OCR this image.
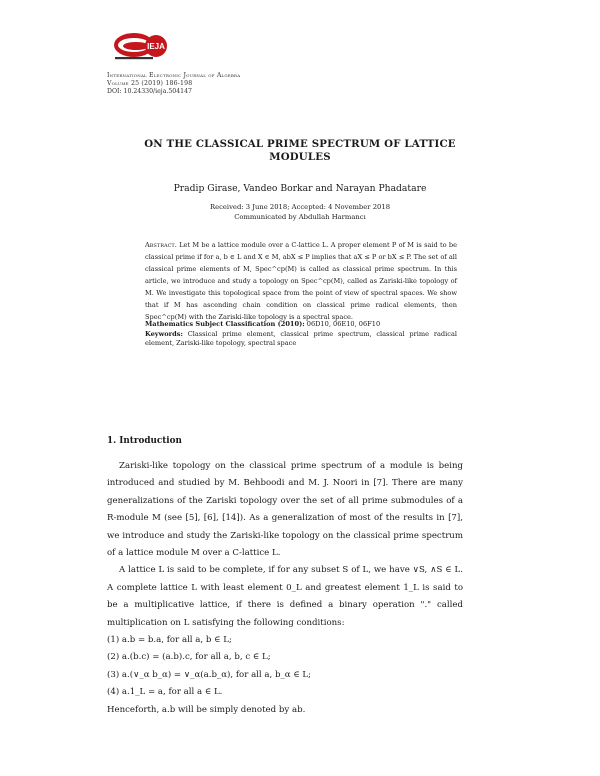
IEJA
International Electronic Journal of Algebra
Volume 25 (2019) 186-198
DOI: 10.24330/ieja.504147
ON THE CLASSICAL PRIME SPECTRUM OF LATTICE
MODULES
Pradip Girase, Vandeo Borkar and Narayan Phadatare
Received: 3 June 2018; Accepted: 4 November 2018
Communicated by Abdullah Harmancı
Abstract. Let M be a lattice module over a C-lattice L. A proper element P of M is said to be classical prime if for a, b ∈ L and X ∈ M, abX ≤ P implies that aX ≤ P or bX ≤ P. The set of all classical prime elements of M, Spec^cp(M) is called as classical prime spectrum. In this article, we introduce and study a topology on Spec^cp(M), called as Zariski-like topology of M. We investigate this topological space from the point of view of spectral spaces. We show that if M has ascending chain condition on classical prime radical elements, then Spec^cp(M) with the Zariski-like topology is a spectral space.
Mathematics Subject Classification (2010): 06D10, 06E10, 06F10
Keywords: Classical prime element, classical prime spectrum, classical prime radical element, Zariski-like topology, spectral space
1. Introduction

Zariski-like topology on the classical prime spectrum of a module is being introduced and studied by M. Behboodi and M. J. Noori in [7]. There are many generalizations of the Zariski topology over the set of all prime submodules of a R-module M (see [5], [6], [14]). As a generalization of most of the results in [7], we introduce and study the Zariski-like topology on the classical prime spectrum of a lattice module M over a C-lattice L.

A lattice L is said to be complete, if for any subset S of L, we have ∨S, ∧S ∈ L. A complete lattice L with least element 0_L and greatest element 1_L is said to be a multiplicative lattice, if there is defined a binary operation "." called multiplication on L satisfying the following conditions:

(1) a.b = b.a, for all a, b ∈ L;
(2) a.(b.c) = (a.b).c, for all a, b, c ∈ L;
(3) a.(∨_α b_α) = ∨_α(a.b_α), for all a, b_α ∈ L;
(4) a.1_L = a, for all a ∈ L.

Henceforth, a.b will be simply denoted by ab.
